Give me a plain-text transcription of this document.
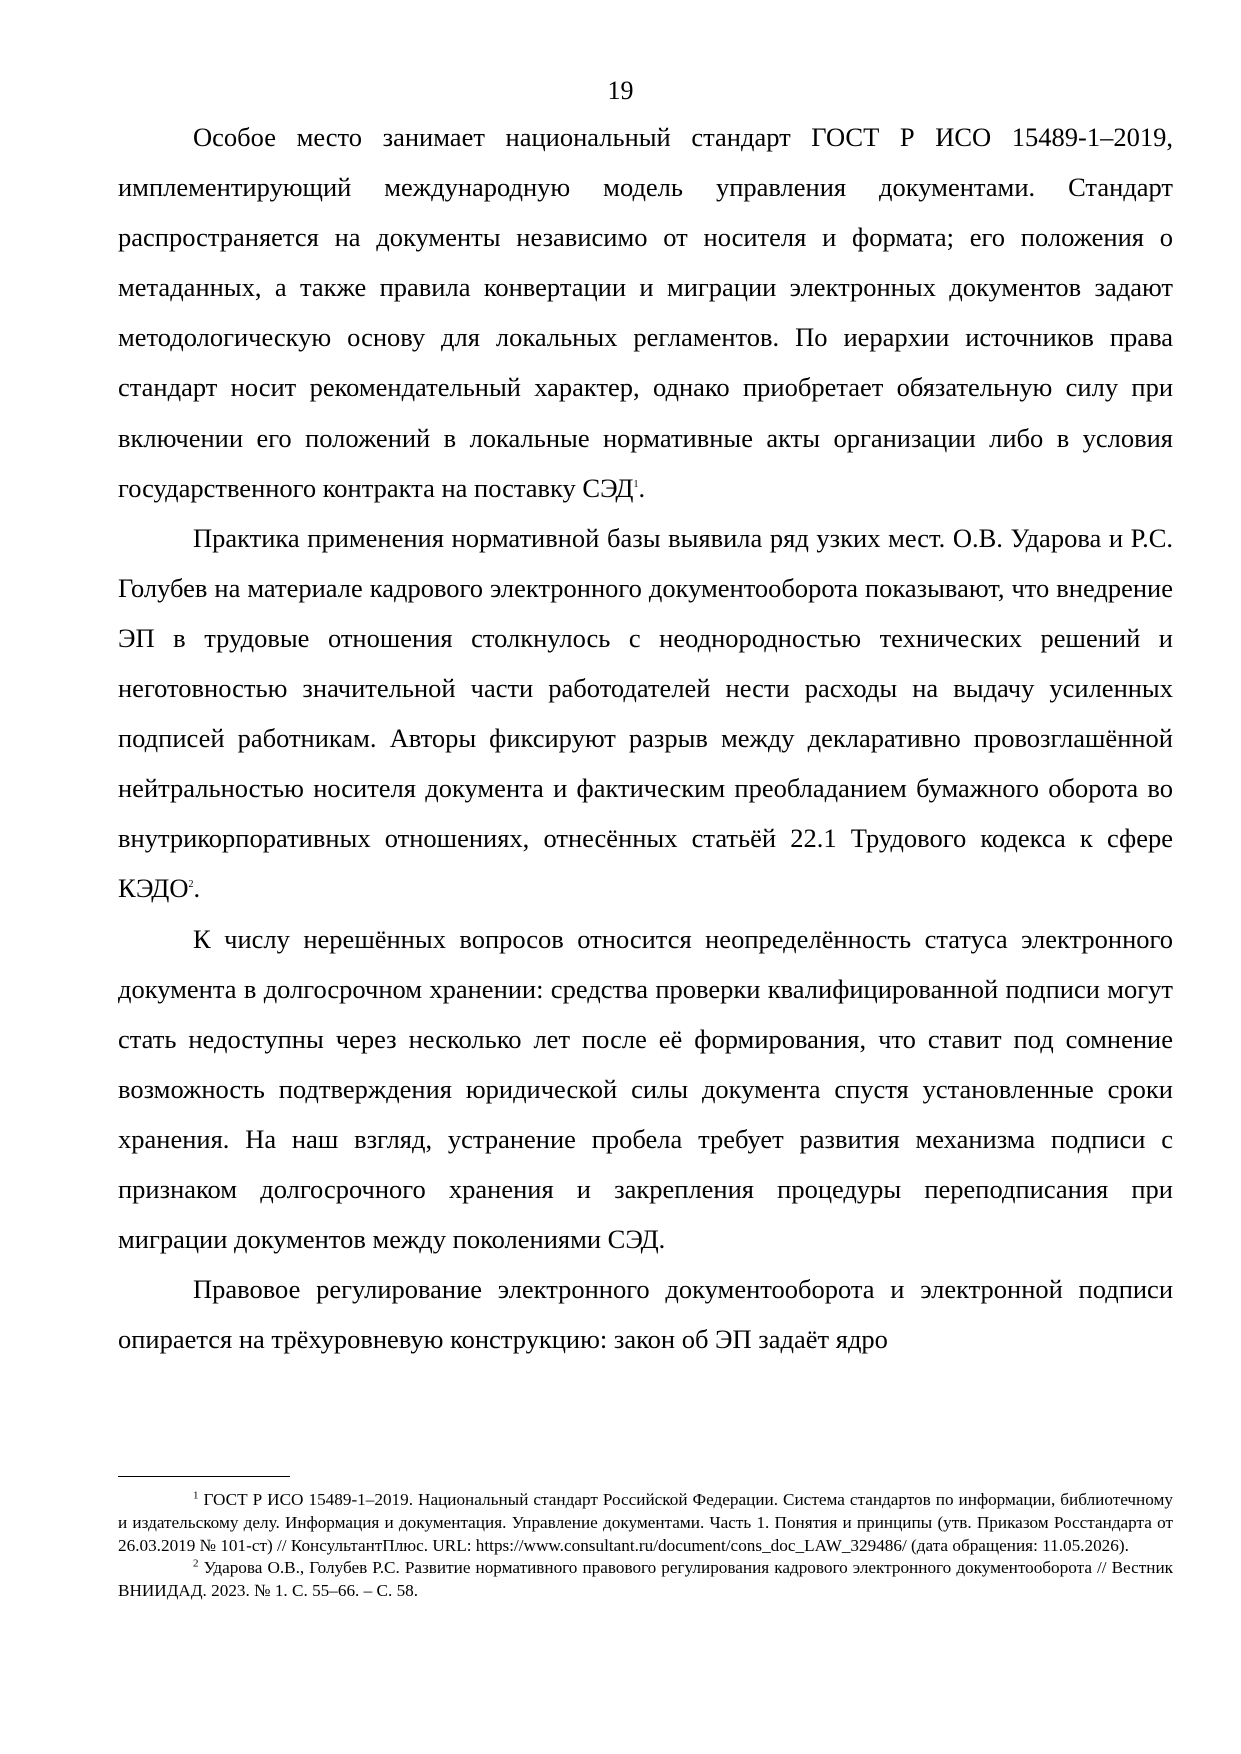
19

Особое место занимает национальный стандарт ГОСТ Р ИСО 15489-1–2019, имплементирующий международную модель управления документами. Стандарт распространяется на документы независимо от носителя и формата; его положения о метаданных, а также правила конвертации и миграции электронных документов задают методологическую основу для локальных регламентов. По иерархии источников права стандарт носит рекомендательный характер, однако приобретает обязательную силу при включении его положений в локальные нормативные акты организации либо в условия государственного контракта на поставку СЭД$^1$.

Практика применения нормативной базы выявила ряд узких мест. О.В. Ударова и Р.С. Голубев на материале кадрового электронного документооборота показывают, что внедрение ЭП в трудовые отношения столкнулось с неоднородностью технических решений и неготовностью значительной части работодателей нести расходы на выдачу усиленных подписей работникам. Авторы фиксируют разрыв между декларативно провозглашённой нейтральностью носителя документа и фактическим преобладанием бумажного оборота во внутрикорпоративных отношениях, отнесённых статьёй 22.1 Трудового кодекса к сфере КЭДО$^2$.

К числу нерешённых вопросов относится неопределённость статуса электронного документа в долгосрочном хранении: средства проверки квалифицированной подписи могут стать недоступны через несколько лет после её формирования, что ставит под сомнение возможность подтверждения юридической силы документа спустя установленные сроки хранения. На наш взгляд, устранение пробела требует развития механизма подписи с признаком долгосрочного хранения и закрепления процедуры переподписания при миграции документов между поколениями СЭД.

Правовое регулирование электронного документооборота и электронной подписи опирается на трёхуровневую конструкцию: закон об ЭП задаёт ядро

$^1$ ГОСТ Р ИСО 15489-1–2019. Национальный стандарт Российской Федерации. Система стандартов по информации, библиотечному и издательскому делу. Информация и документация. Управление документами. Часть 1. Понятия и принципы (утв. Приказом Росстандарта от 26.03.2019 № 101-ст) // КонсультантПлюс. URL: https://www.consultant.ru/document/cons_doc_LAW_329486/ (дата обращения: 11.05.2026).

$^2$ Ударова О.В., Голубев Р.С. Развитие нормативного правового регулирования кадрового электронного документооборота // Вестник ВНИИДАД. 2023. № 1. С. 55–66. – С. 58.
